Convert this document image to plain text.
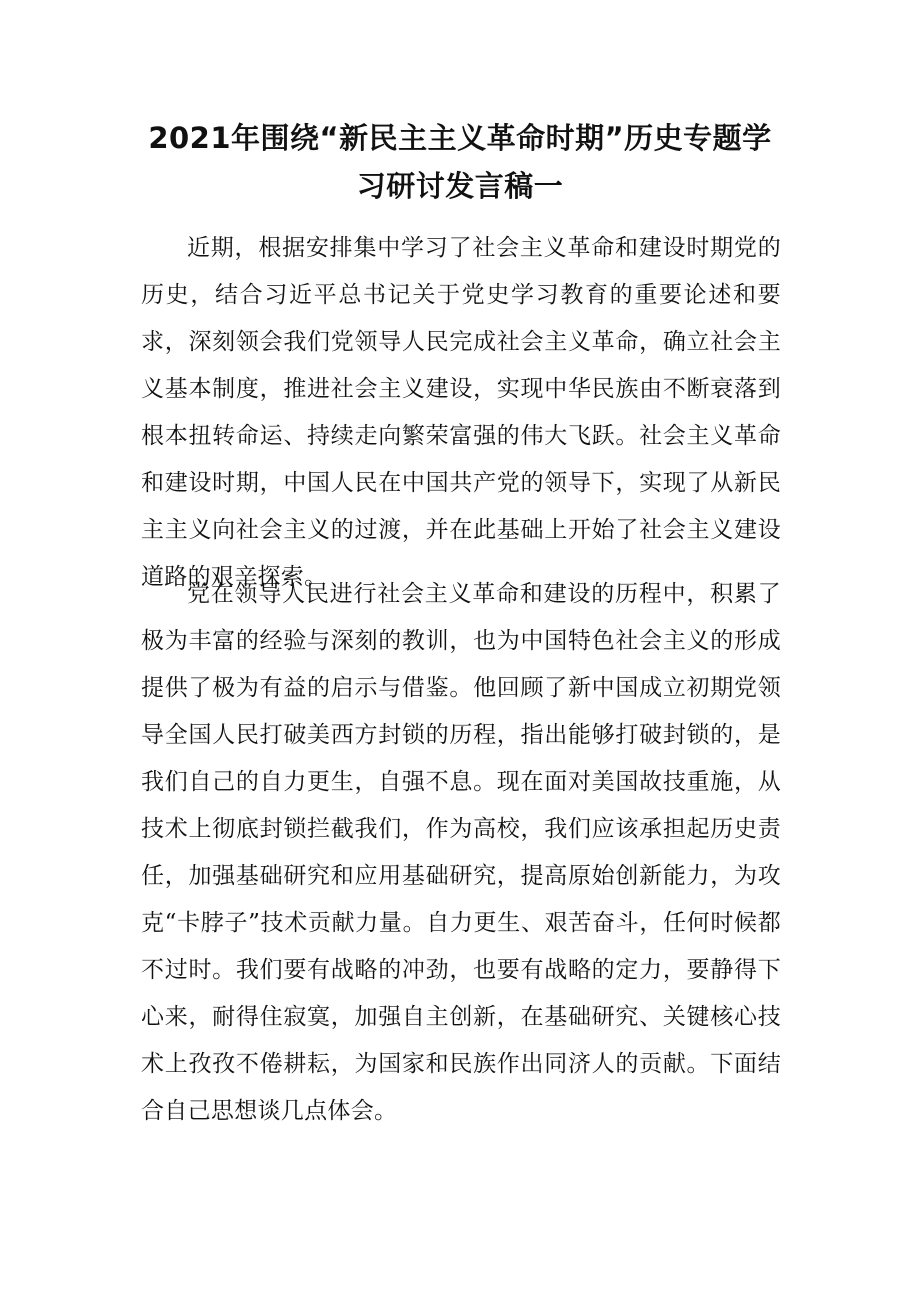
2021年围绕“新民主主义革命时期”历史专题学习研讨发言稿一

近期，根据安排集中学习了社会主义革命和建设时期党的历史，结合习近平总书记关于党史学习教育的重要论述和要求，深刻领会我们党领导人民完成社会主义革命，确立社会主义基本制度，推进社会主义建设，实现中华民族由不断衰落到根本扭转命运、持续走向繁荣富强的伟大飞跃。社会主义革命和建设时期，中国人民在中国共产党的领导下，实现了从新民主主义向社会主义的过渡，并在此基础上开始了社会主义建设道路的艰辛探索。

党在领导人民进行社会主义革命和建设的历程中，积累了极为丰富的经验与深刻的教训，也为中国特色社会主义的形成提供了极为有益的启示与借鉴。他回顾了新中国成立初期党领导全国人民打破美西方封锁的历程，指出能够打破封锁的，是我们自己的自力更生，自强不息。现在面对美国故技重施，从技术上彻底封锁拦截我们，作为高校，我们应该承担起历史责任，加强基础研究和应用基础研究，提高原始创新能力，为攻克“卡脖子”技术贡献力量。自力更生、艰苦奋斗，任何时候都不过时。我们要有战略的冲劲，也要有战略的定力，要静得下心来，耐得住寂寞，加强自主创新，在基础研究、关键核心技术上孜孜不倦耕耘，为国家和民族作出同济人的贡献。下面结合自己思想谈几点体会。
